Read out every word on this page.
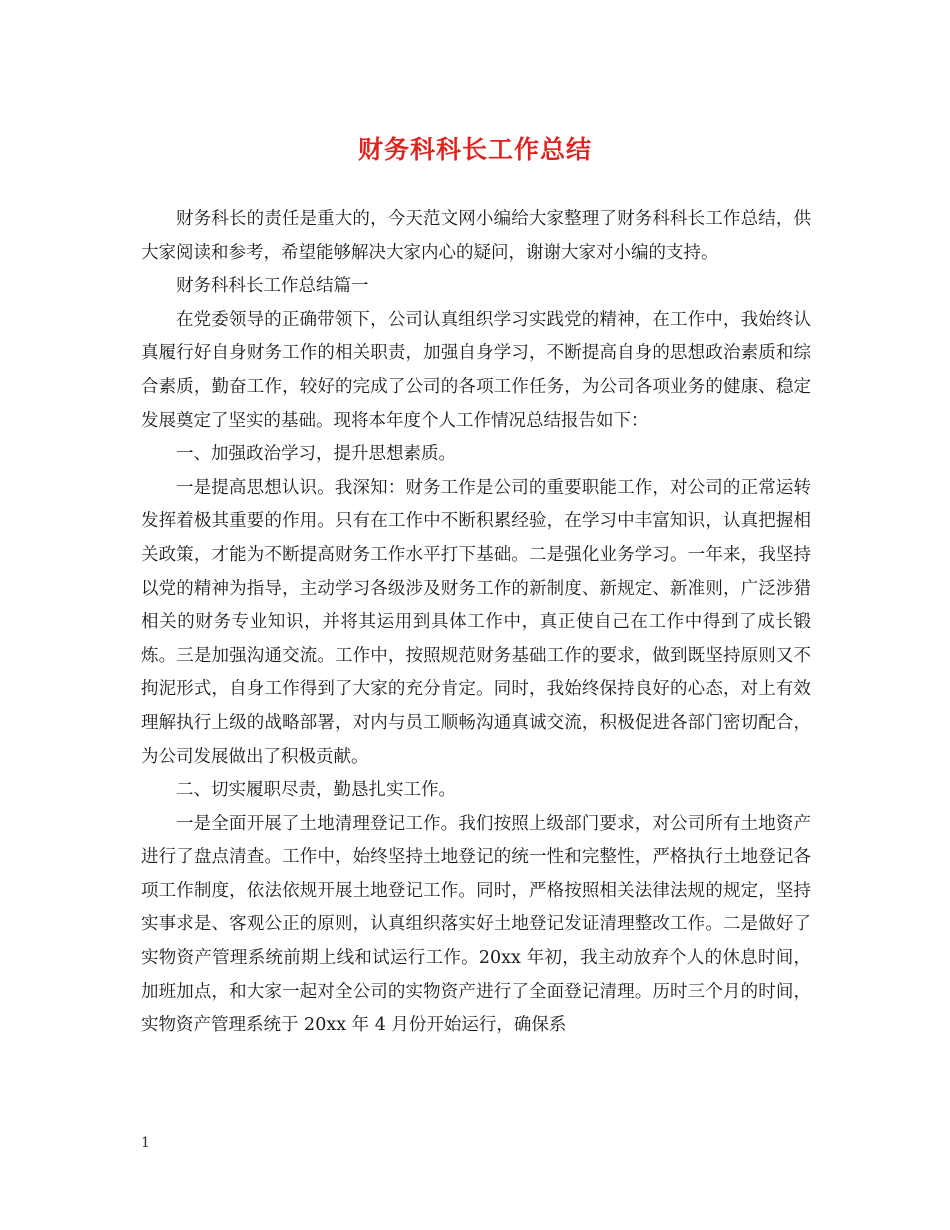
财务科科长工作总结

财务科长的责任是重大的，今天范文网小编给大家整理了财务科科长工作总结，供大家阅读和参考，希望能够解决大家内心的疑问，谢谢大家对小编的支持。

财务科科长工作总结篇一

在党委领导的正确带领下，公司认真组织学习实践党的精神，在工作中，我始终认真履行好自身财务工作的相关职责，加强自身学习，不断提高自身的思想政治素质和综合素质，勤奋工作，较好的完成了公司的各项工作任务，为公司各项业务的健康、稳定发展奠定了坚实的基础。现将本年度个人工作情况总结报告如下：

一、加强政治学习，提升思想素质。

一是提高思想认识。我深知：财务工作是公司的重要职能工作，对公司的正常运转发挥着极其重要的作用。只有在工作中不断积累经验，在学习中丰富知识，认真把握相关政策，才能为不断提高财务工作水平打下基础。二是强化业务学习。一年来，我坚持以党的精神为指导，主动学习各级涉及财务工作的新制度、新规定、新准则，广泛涉猎相关的财务专业知识，并将其运用到具体工作中，真正使自己在工作中得到了成长锻炼。三是加强沟通交流。工作中，按照规范财务基础工作的要求，做到既坚持原则又不拘泥形式，自身工作得到了大家的充分肯定。同时，我始终保持良好的心态，对上有效理解执行上级的战略部署，对内与员工顺畅沟通真诚交流，积极促进各部门密切配合，为公司发展做出了积极贡献。

二、切实履职尽责，勤恳扎实工作。

一是全面开展了土地清理登记工作。我们按照上级部门要求，对公司所有土地资产进行了盘点清查。工作中，始终坚持土地登记的统一性和完整性，严格执行土地登记各项工作制度，依法依规开展土地登记工作。同时，严格按照相关法律法规的规定，坚持实事求是、客观公正的原则，认真组织落实好土地登记发证清理整改工作。二是做好了实物资产管理系统前期上线和试运行工作。20xx 年初，我主动放弃个人的休息时间，加班加点，和大家一起对全公司的实物资产进行了全面登记清理。历时三个月的时间，实物资产管理系统于 20xx 年 4 月份开始运行，确保系

1
